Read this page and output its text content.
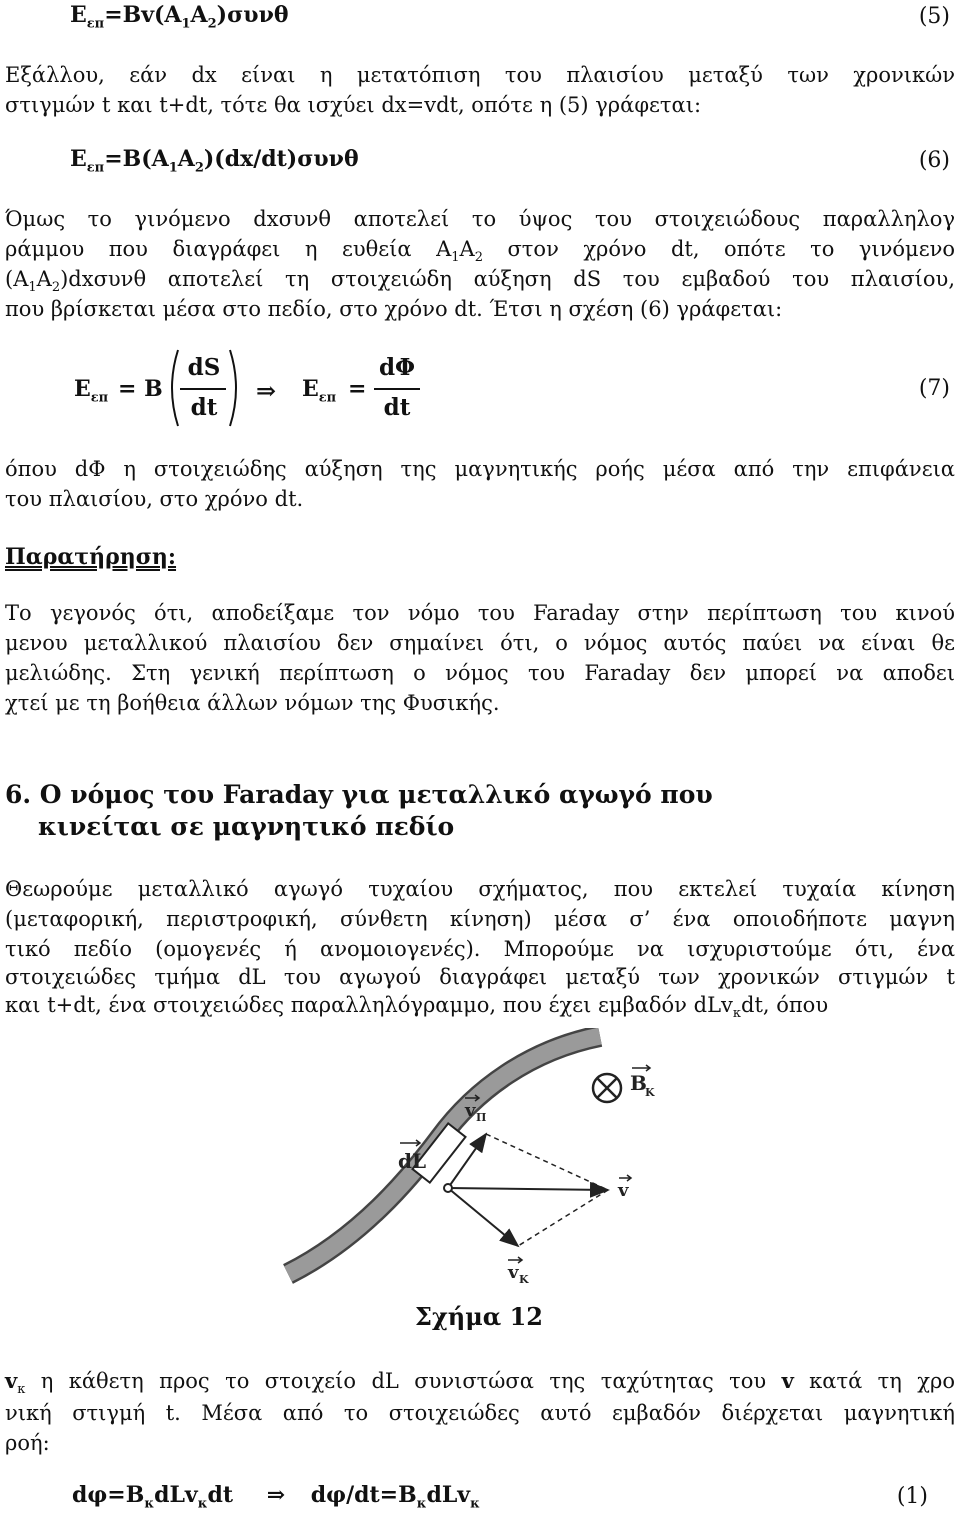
$E_{\varepsilon\pi}=Bv(A_1A_2)\sigma\upsilon\nu\theta$	(5)
Εξάλλου, εάν dx είναι η μετατόπιση του πλαισίου μεταξύ των χρονικών
στιγμών t και t+dt, τότε θα ισχύει dx=vdt, οπότε η (5) γράφεται:
$E_{\varepsilon\pi}=B(A_1A_2)(dx/dt)\sigma\upsilon\nu\theta$	(6)
Όμως το γινόμενο dxσυνθ αποτελεί το ύψος του στοιχειώδους παραλληλογ
ράμμου που διαγράφει η ευθεία $A_1A_2$ στον χρόνο dt, οπότε το γινόμενο
$(A_1A_2)dx\sigma\upsilon\nu\theta$ αποτελεί τη στοιχειώδη αύξηση dS του εμβαδού του πλαισίου,
που βρίσκεται μέσα στο πεδίο, στο χρόνο dt. Έτσι η σχέση (6) γράφεται:
$E_{\varepsilon\pi} = B$
dS
dt
⇒ $E_{\varepsilon\pi}$ =
dΦ
dt
(7)
όπου dΦ η στοιχειώδης αύξηση της μαγνητικής ροής μέσα από την επιφάνεια
του πλαισίου, στο χρόνο dt.
Παρατήρηση:
Το γεγονός ότι, αποδείξαμε τον νόμο του Faraday στην περίπτωση του κινού
μενου μεταλλικού πλαισίου δεν σημαίνει ότι, ο νόμος αυτός παύει να είναι θε
μελιώδης. Στη γενική περίπτωση ο νόμος του Faraday δεν μπορεί να αποδει
χτεί με τη βοήθεια άλλων νόμων της Φυσικής.
6. Ο νόμος του Faraday για μεταλλικό αγωγό που
κινείται σε μαγνητικό πεδίο
Θεωρούμε μεταλλικό αγωγό τυχαίου σχήματος, που εκτελεί τυχαία κίνηση
(μεταφορική, περιστροφική, σύνθετη κίνηση) μέσα σ’ ένα οποιοδήποτε μαγνη
τικό πεδίο (ομογενές ή ανομοιογενές). Μπορούμε να ισχυριστούμε ότι, ένα
στοιχειώδες τμήμα dL του αγωγού διαγράφει μεταξύ των χρονικών στιγμών t
και t+dt, ένα στοιχειώδες παραλληλόγραμμο, που έχει εμβαδόν dLv$_\kappa$dt, όπου
B
K
v Π
dL
v
v K
Σχήμα 12
$v_\kappa$ η κάθετη προς το στοιχείο dL συνιστώσα της ταχύτητας του v κατά τη χρο
νική στιγμή t. Μέσα από το στοιχειώδες αυτό εμβαδόν διέρχεται μαγνητική
ροή:
$d\varphi=B_\kappa dLv_\kappa dt$ ⇒ $d\varphi/dt=B_\kappa dLv_\kappa$	(1)
